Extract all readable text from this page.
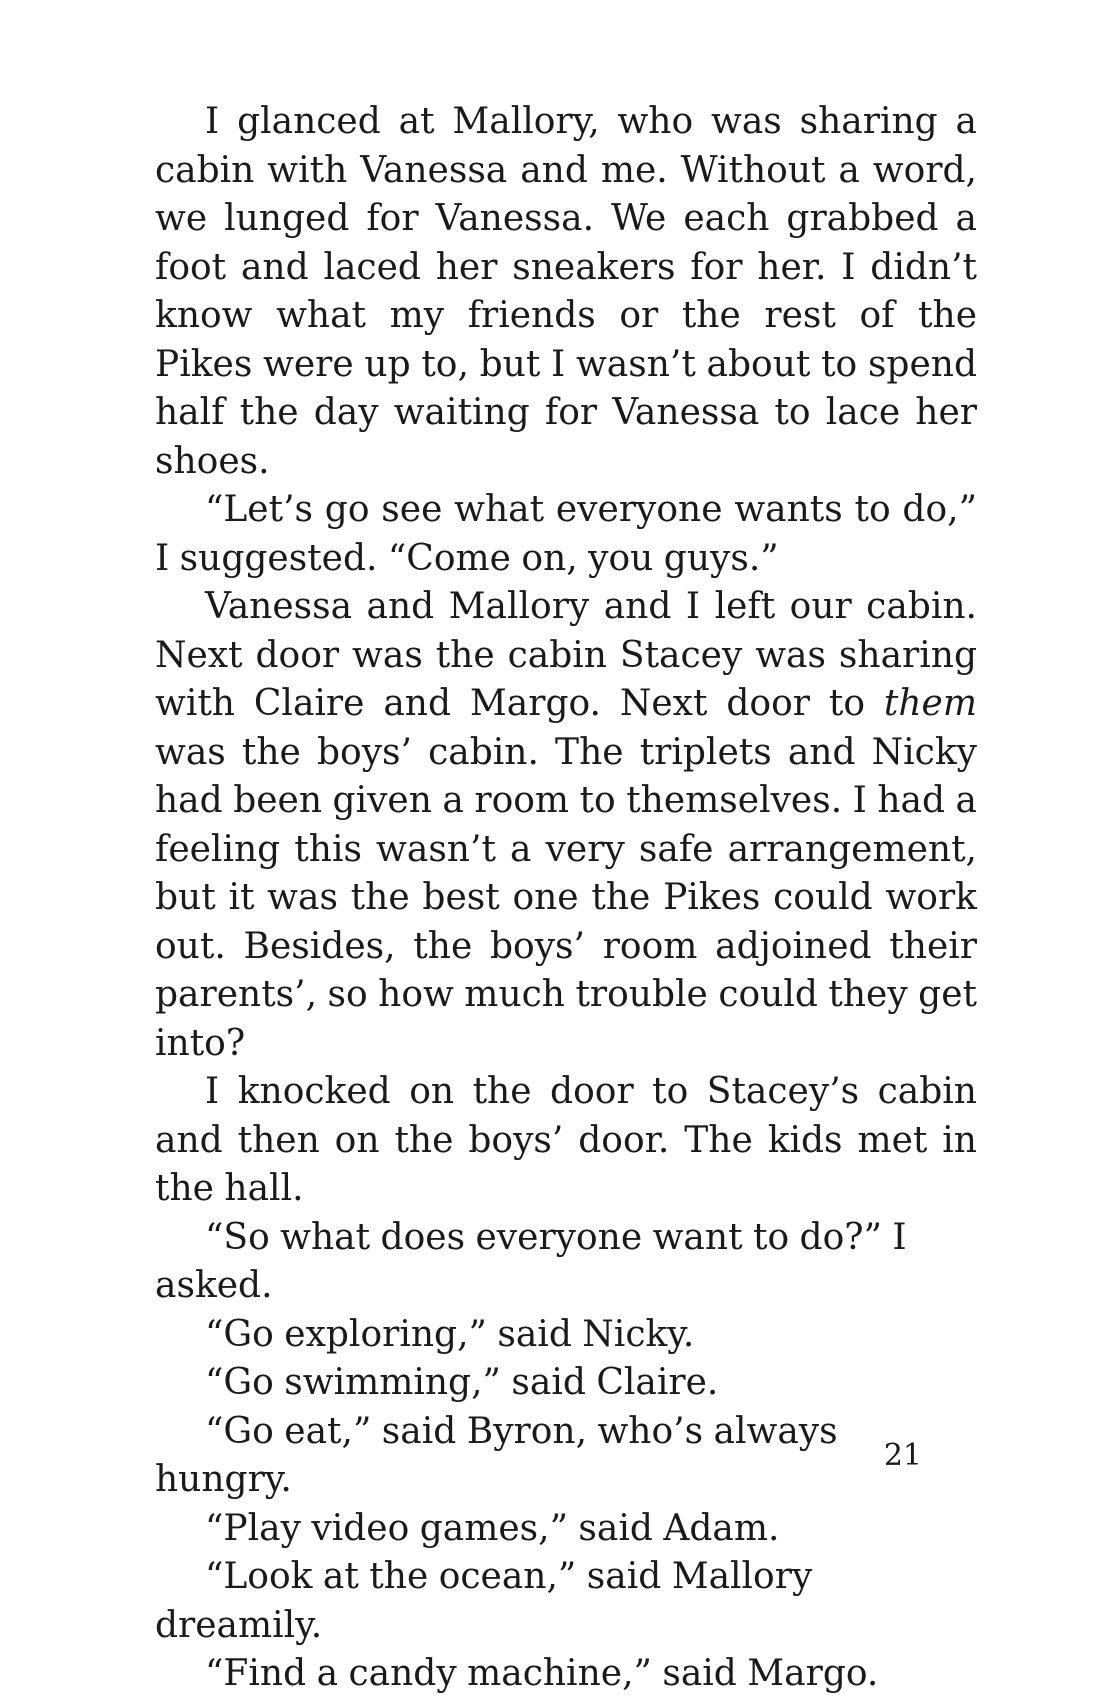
I glanced at Mallory, who was sharing a cabin with Vanessa and me. Without a word, we lunged for Vanessa. We each grabbed a foot and laced her sneakers for her. I didn’t know what my friends or the rest of the Pikes were up to, but I wasn’t about to spend half the day waiting for Vanessa to lace her shoes.

“Let’s go see what everyone wants to do,” I suggested. “Come on, you guys.”

Vanessa and Mallory and I left our cabin. Next door was the cabin Stacey was sharing with Claire and Margo. Next door to them was the boys’ cabin. The triplets and Nicky had been given a room to themselves. I had a feeling this wasn’t a very safe arrangement, but it was the best one the Pikes could work out. Besides, the boys’ room adjoined their parents’, so how much trouble could they get into?

I knocked on the door to Stacey’s cabin and then on the boys’ door. The kids met in the hall.

“So what does everyone want to do?” I asked.

“Go exploring,” said Nicky.

“Go swimming,” said Claire.

“Go eat,” said Byron, who’s always hungry.

“Play video games,” said Adam.

“Look at the ocean,” said Mallory dreamily.

“Find a candy machine,” said Margo.

21
